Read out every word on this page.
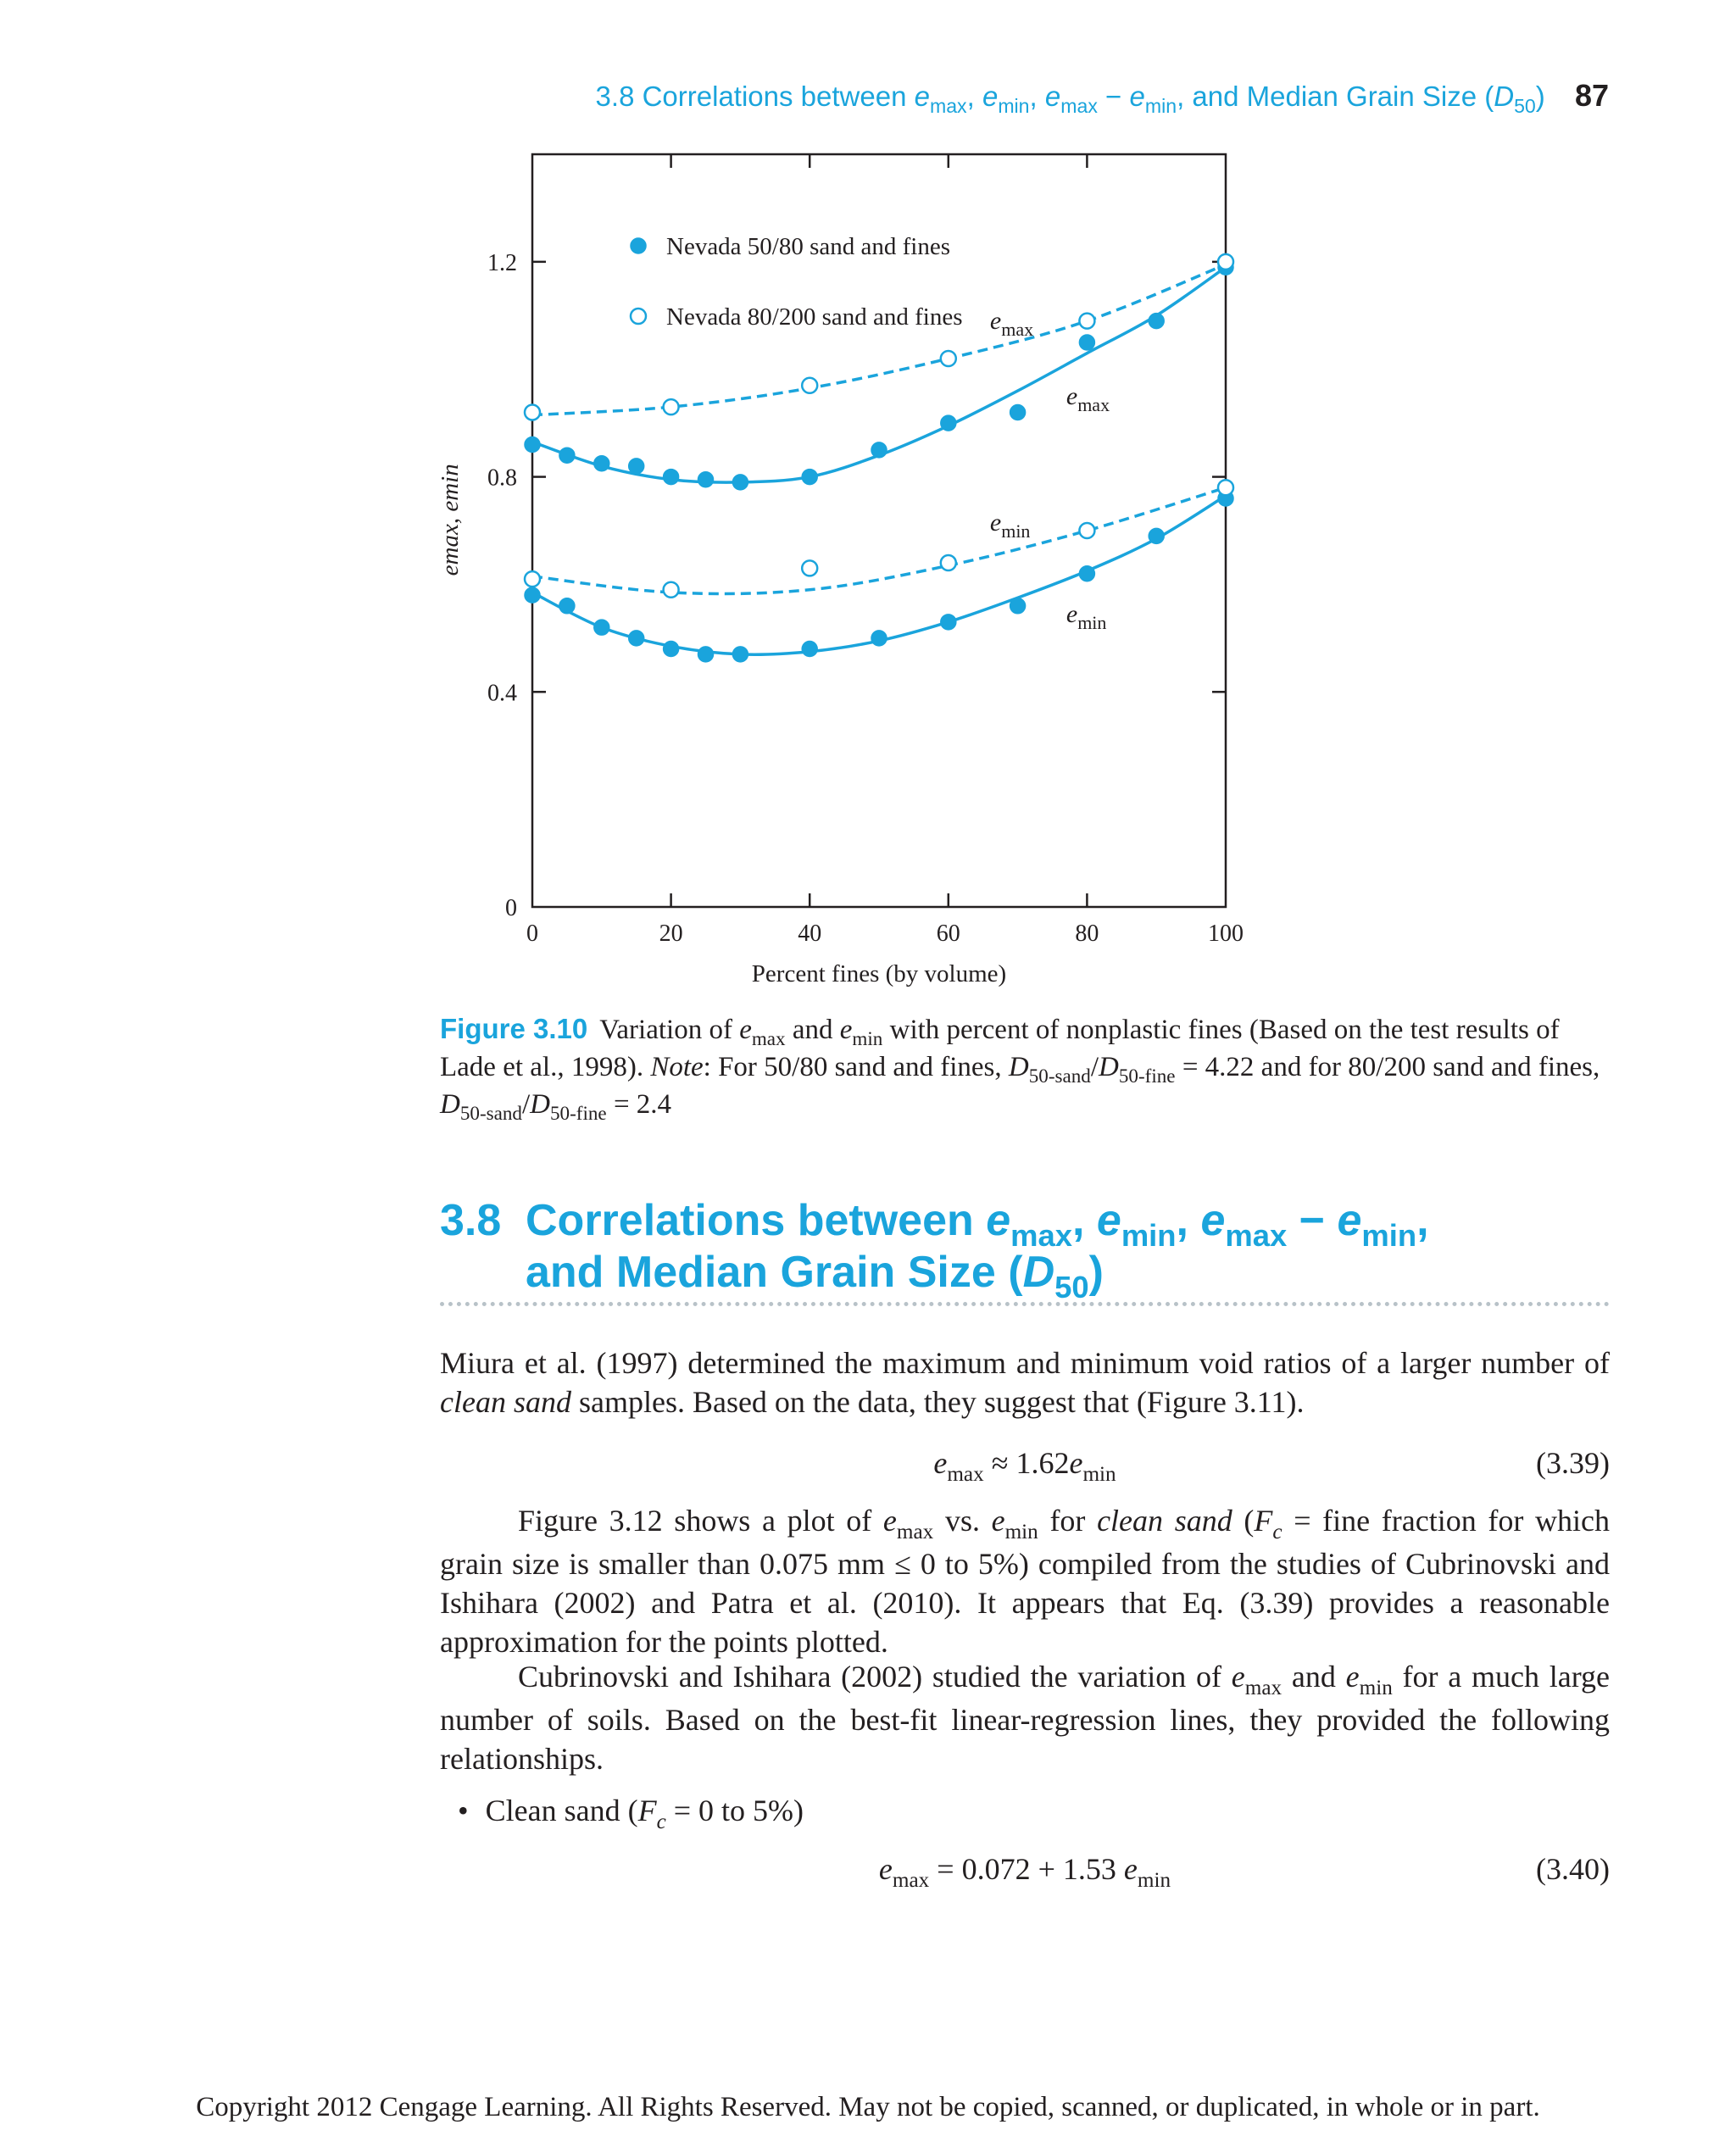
3.8 Correlations between $e_{max}$, $e_{min}$, $e_{max} - e_{min}$, and Median Grain Size $(D_{50})$ 87
0	20	40	60	80	100
0
0.4
0.8
1.2
Percent fines (by volume)
emax, emin
$e_{max}$
$e_{max}$
$e_{min}$
$e_{min}$
Nevada 50/80 sand and fines
Nevada 80/200 sand and fines
Figure 3.10 Variation of $e_{max}$ and $e_{min}$ with percent of nonplastic fines (Based on the test results of Lade et al., 1998). Note: For 50/80 sand and fines, $D_{50-sand}/D_{50-fine} = 4.22$ and for 80/200 sand and fines, $D_{50-sand}/D_{50-fine} = 2.4$
3.8 Correlations between $e_{max}$, $e_{min}$, $e_{max} - e_{min}$,
and Median Grain Size $(D_{50})$
Miura et al. (1997) determined the maximum and minimum void ratios of a larger number of clean sand samples. Based on the data, they suggest that (Figure 3.11).
$e_{max} \approx 1.62e_{min}$	(3.39)
Figure 3.12 shows a plot of $e_{max}$ vs. $e_{min}$ for clean sand ($F_c$ = fine fraction for which grain size is smaller than 0.075 mm ≤ 0 to 5%) compiled from the studies of Cubrinovski and Ishihara (2002) and Patra et al. (2010). It appears that Eq. (3.39) provides a reasonable approximation for the points plotted.
Cubrinovski and Ishihara (2002) studied the variation of $e_{max}$ and $e_{min}$ for a much large number of soils. Based on the best-fit linear-regression lines, they provided the following relationships.
• Clean sand ($F_c = 0$ to 5%)
$e_{max} = 0.072 + 1.53$ $e_{min}$	(3.40)
Copyright 2012 Cengage Learning. All Rights Reserved. May not be copied, scanned, or duplicated, in whole or in part.
